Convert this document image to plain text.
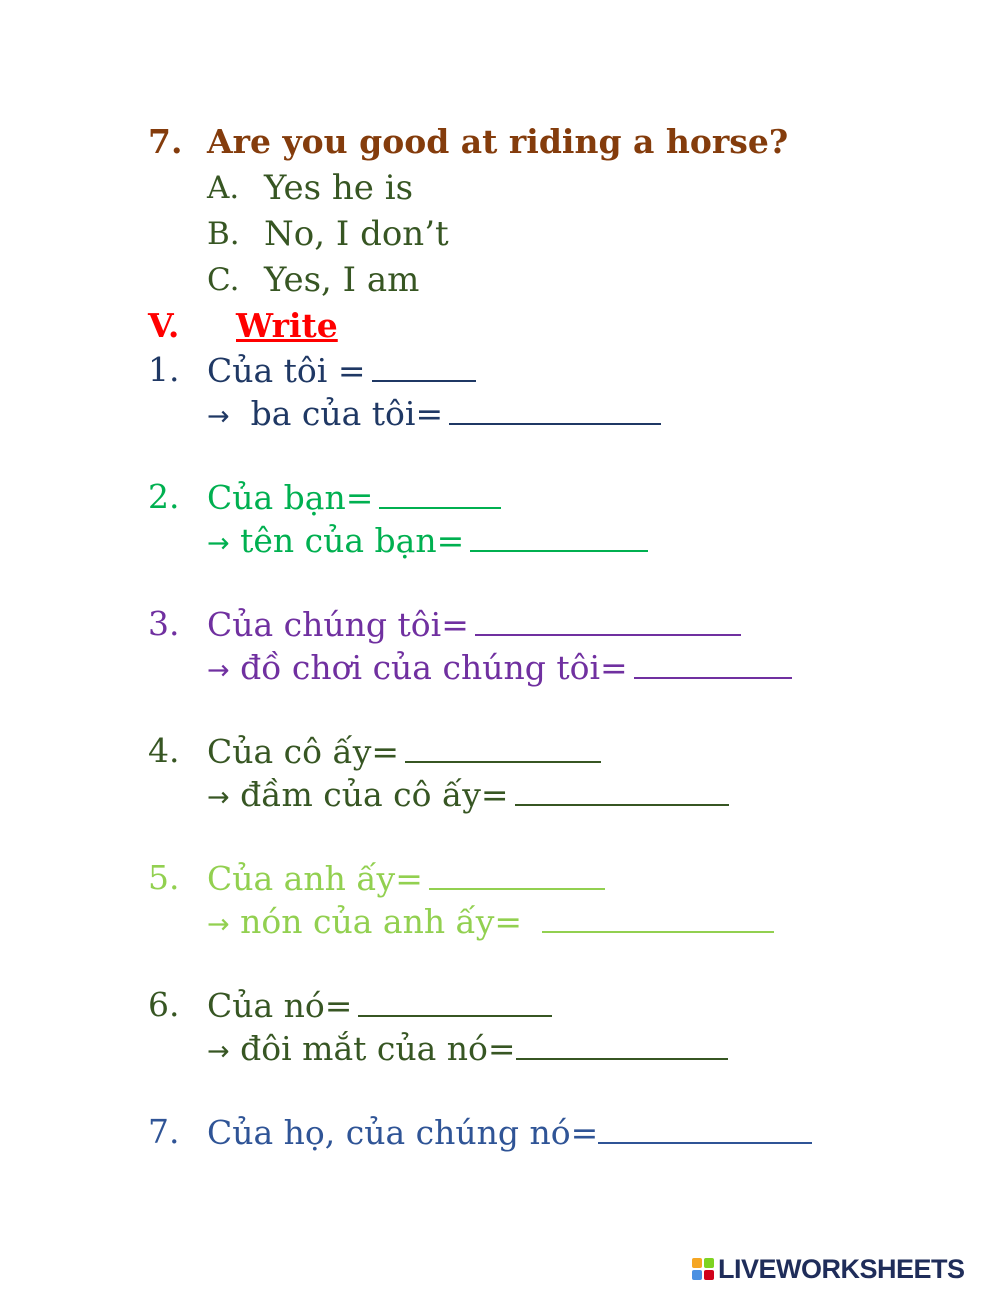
7. Are you good at riding a horse?
A. Yes he is
B. No, I don’t
C. Yes, I am
V. Write
1. Của tôi =
→ ba của tôi=
2. Của bạn=
→ tên của bạn=
3. Của chúng tôi=
→ đồ chơi của chúng tôi=
4. Của cô ấy=
→ đầm của cô ấy=
5. Của anh ấy=
→ nón của anh ấy=
6. Của nó=
→ đôi mắt của nó=
7. Của họ, của chúng nó=
LIVEWORKSHEETS
